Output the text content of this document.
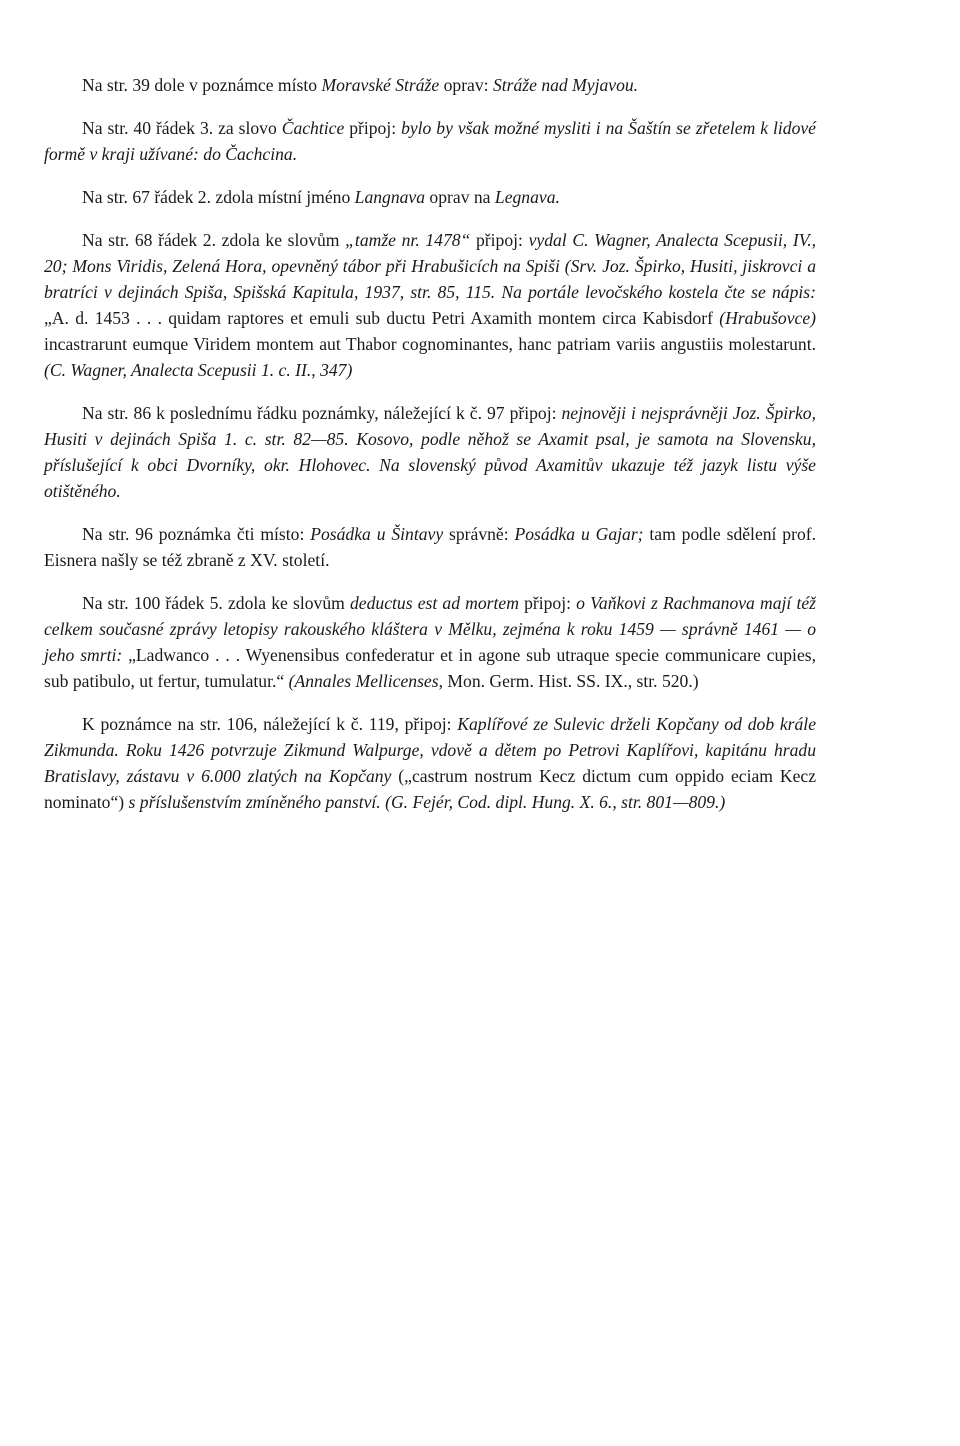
Na str. 39 dole v poznámce místo Moravské Stráže oprav: Stráže nad Myjavou.

Na str. 40 řádek 3. za slovo Čachtice připoj: bylo by však možné mysliti i na Šaštín se zřetelem k lidové formě v kraji užívané: do Čachcina.

Na str. 67 řádek 2. zdola místní jméno Langnava oprav na Legnava.

Na str. 68 řádek 2. zdola ke slovům „tamže nr. 1478“ připoj: vydal C. Wagner, Analecta Scepusii, IV., 20; Mons Viridis, Zelená Hora, opevněný tábor při Hrabušicích na Spiši (Srv. Joz. Špirko, Husiti, jiskrovci a bratríci v dejinách Spiša, Spišská Kapitula, 1937, str. 85, 115. Na portále levočského kostela čte se nápis: „A. d. 1453 . . . quidam raptores et emuli sub ductu Petri Axamith montem circa Kabisdorf (Hrabušovce) incastrarunt eumque Viridem montem aut Thabor cognominantes, hanc patriam variis angustiis molestarunt. (C. Wagner, Analecta Scepusii 1. c. II., 347)

Na str. 86 k poslednímu řádku poznámky, náležející k č. 97 připoj: nejnověji i nejsprávněji Joz. Špirko, Husiti v dejinách Spiša 1. c. str. 82—85. Kosovo, podle něhož se Axamit psal, je samota na Slovensku, příslušející k obci Dvorníky, okr. Hlohovec. Na slovenský původ Axamitův ukazuje též jazyk listu výše otištěného.

Na str. 96 poznámka čti místo: Posádka u Šintavy správně: Posádka u Gajar; tam podle sdělení prof. Eisnera našly se též zbraně z XV. století.

Na str. 100 řádek 5. zdola ke slovům deductus est ad mortem připoj: o Vaňkovi z Rachmanova mají též celkem současné zprávy letopisy rakouského kláštera v Mělku, zejména k roku 1459 — správně 1461 — o jeho smrti: „Ladwanco . . . Wyenensibus confederatur et in agone sub utraque specie communicare cupies, sub patibulo, ut fertur, tumulatur.“ (Annales Mellicenses, Mon. Germ. Hist. SS. IX., str. 520.)

K poznámce na str. 106, náležející k č. 119, připoj: Kaplířové ze Sulevic drželi Kopčany od dob krále Zikmunda. Roku 1426 potvrzuje Zikmund Walpurge, vdově a dětem po Petrovi Kaplířovi, kapitánu hradu Bratislavy, zástavu v 6.000 zlatých na Kopčany („castrum nostrum Kecz dictum cum oppido eciam Kecz nominato“) s příslušenstvím zmíněného panství. (G. Fejér, Cod. dipl. Hung. X. 6., str. 801—809.)
